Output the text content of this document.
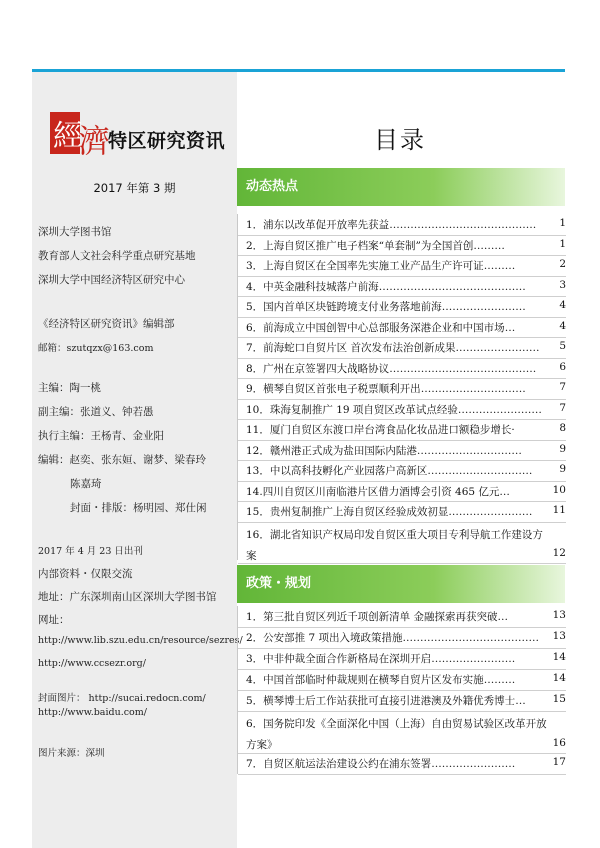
經
濟
特区研究资讯	目录
2017 年第 3 期
深圳大学图书馆
教育部人文社会科学重点研究基地
深圳大学中国经济特区研究中心
《经济特区研究资讯》编辑部
邮箱：szutqzx@163.com
主编：陶一桃
副主编：张道义、钟若愚
执行主编：王杨青、金业阳
编辑：赵奕、张东姮、谢梦、梁春玲
陈嘉琦
封面・排版：杨明园、郑仕闲
2017 年 4 月 23 日出刊
内部资料・仅限交流
地址：广东深圳南山区深圳大学图书馆
网址：
http://www.lib.szu.edu.cn/resource/sezres/
http://www.ccsezr.org/
封面图片： http://sucai.redocn.com/
http://www.baidu.com/
图片来源：深圳
动态热点
1．浦东以改革促开放率先获益…………………………………… 1
2．上海自贸区推广电子档案“单套制”为全国首创………	1
3．上海自贸区在全国率先实施工业产品生产许可证………	2
4．中英金融科技城落户前海……………………………………	3
5．国内首单区块链跨境支付业务落地前海……………………	4
6．前海成立中国创智中心总部服务深港企业和中国市场…	4
7．前海蛇口自贸片区 首次发布法治创新成果…………………… 5
8．广州在京签署四大战略协议…………………………………… 6
9．横琴自贸区首张电子税票顺利开出…………………………	7
10．珠海复制推广 19 项自贸区改革试点经验…………………… 7
11．厦门自贸区东渡口岸台湾食品化妆品进口额稳步增长·	8
12．赣州港正式成为盐田国际内陆港…………………………	9
13．中以高科技孵化产业园落户高新区…………………………	9
14.四川自贸区川南临港片区借力酒博会引资 465 亿元…	10
15．贵州复制推广上海自贸区经验成效初显…………………… 11
16．湖北省知识产权局印发自贸区重大项目专利导航工作建设方案	12
政策・规划
1．第三批自贸区列近千项创新清单 金融探索再获突破…	13
2．公安部推 7 项出入境政策措施………………………………… 13
3．中非仲裁全面合作新格局在深圳开启……………………	14
4．中国首部临时仲裁规则在横琴自贸片区发布实施………	14
5．横琴博士后工作站获批可直接引进港澳及外籍优秀博士…	15
6．国务院印发《全面深化中国（上海）自由贸易试验区改革开放方案》	16
7．自贸区航运法治建设公约在浦东签署……………………	17
